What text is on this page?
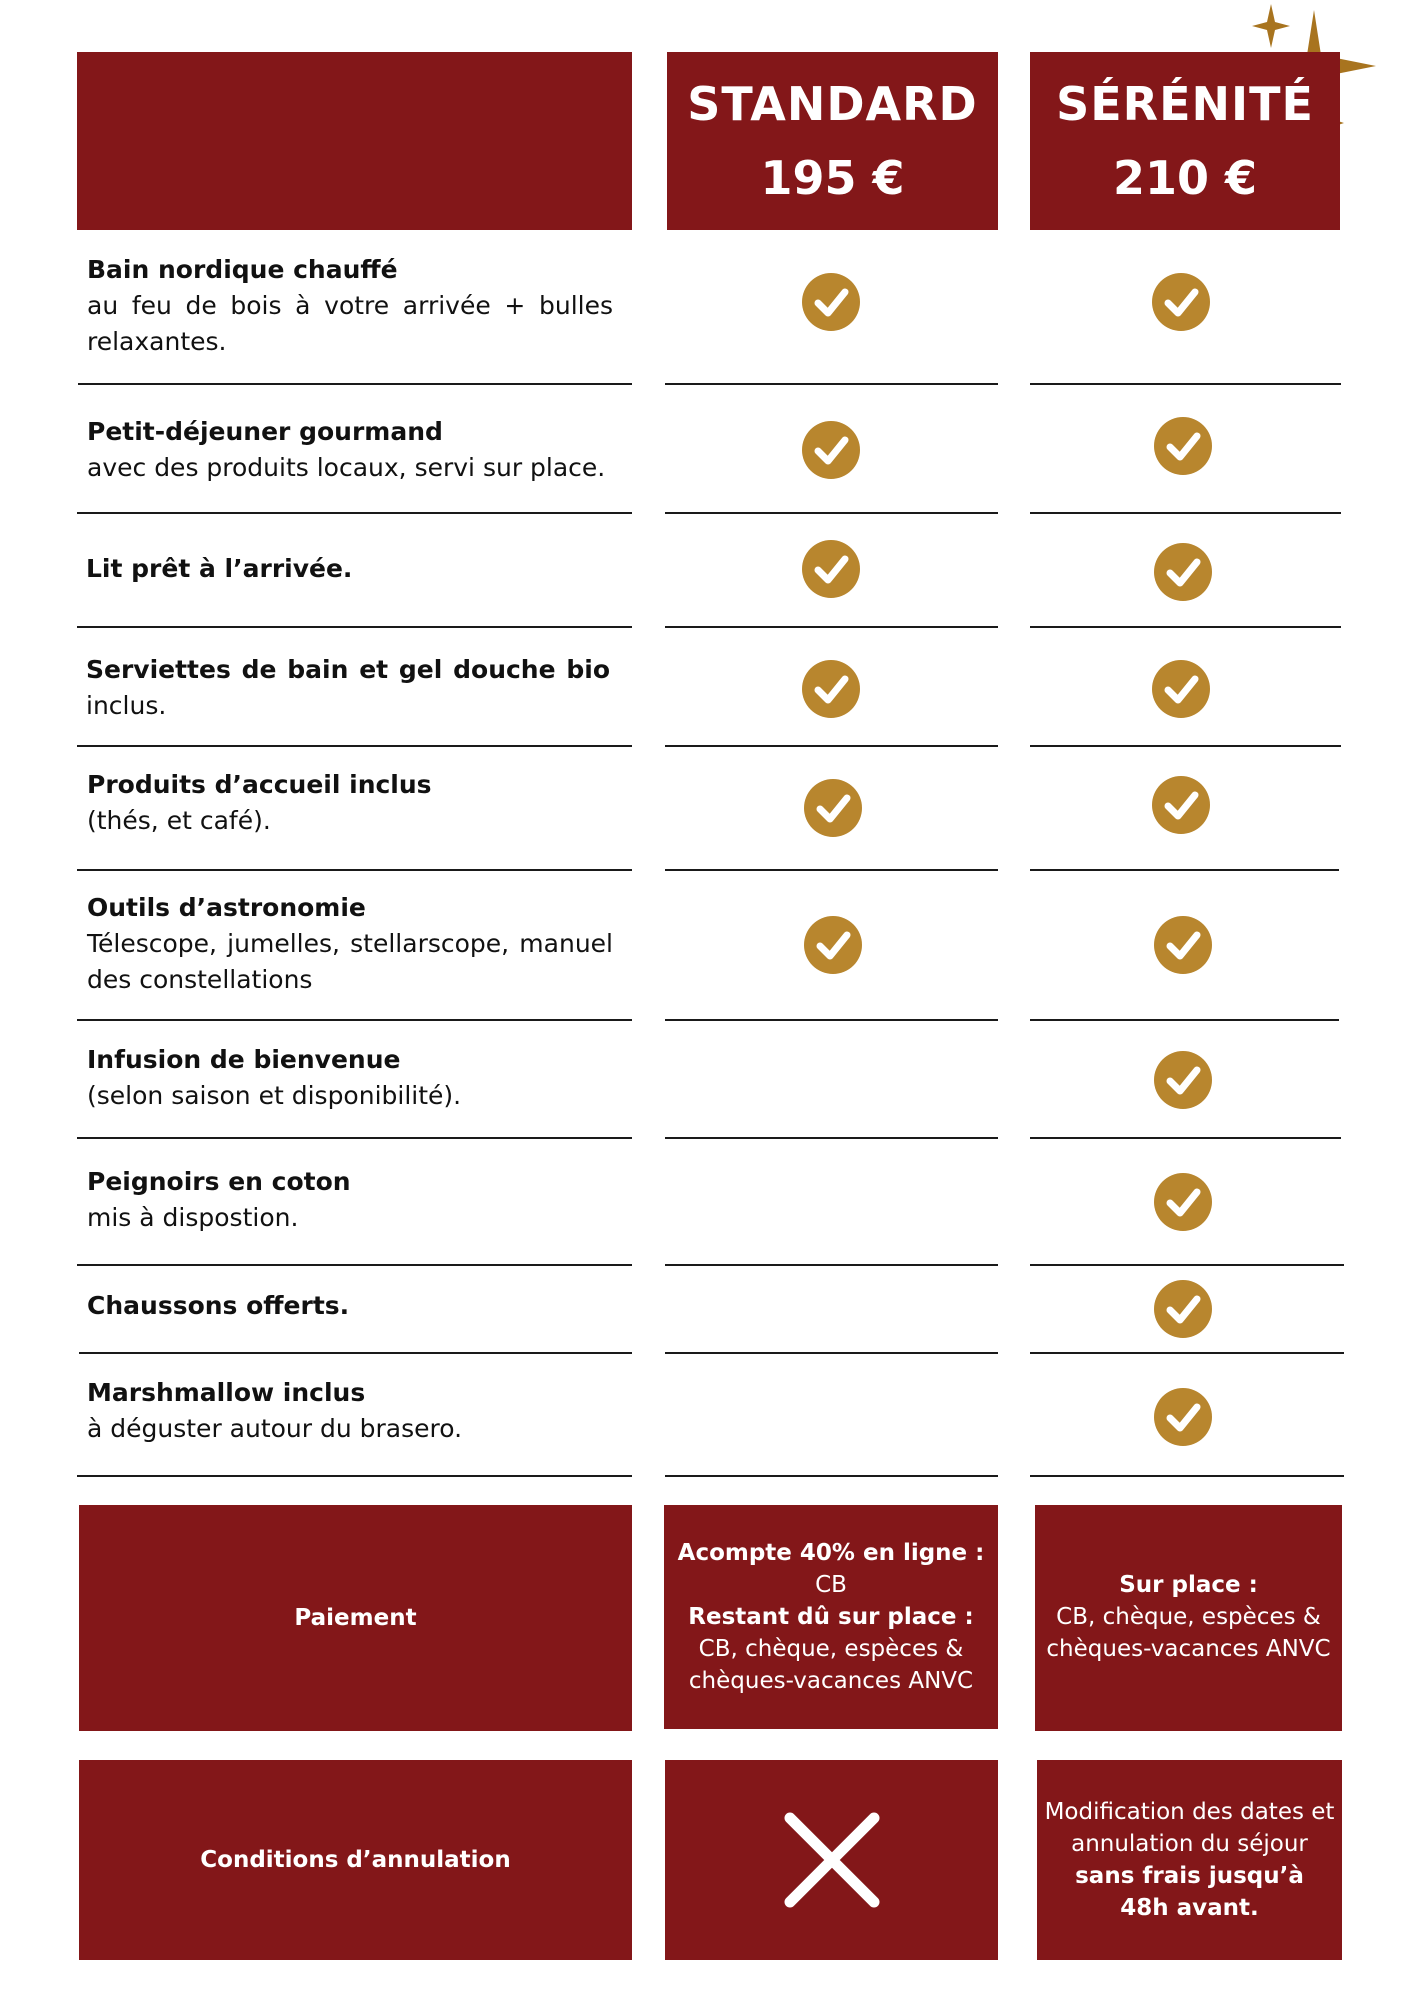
STANDARD
195 €
SÉRÉNITÉ
210 €
Bain nordique chauffé
au feu de bois à votre arrivée + bulles relaxantes.
Petit-déjeuner gourmand
avec des produits locaux, servi sur place.
Lit prêt à l’arrivée.
Serviettes de bain et gel douche bio
inclus.
Produits d’accueil inclus
(thés, et café).
Outils d’astronomie
Télescope, jumelles, stellarscope, manuel des constellations
Infusion de bienvenue
(selon saison et disponibilité).
Peignoirs en coton
mis à dispostion.
Chaussons offerts.
Marshmallow inclus
à déguster autour du brasero.
Paiement
Acompte 40% en ligne :
CB
Restant dû sur place :
CB, chèque, espèces & chèques-vacances ANVC
Sur place :
CB, chèque, espèces & chèques-vacances ANVC
Conditions d’annulation
Modification des dates et annulation du séjour
sans frais jusqu’à 48h avant.
